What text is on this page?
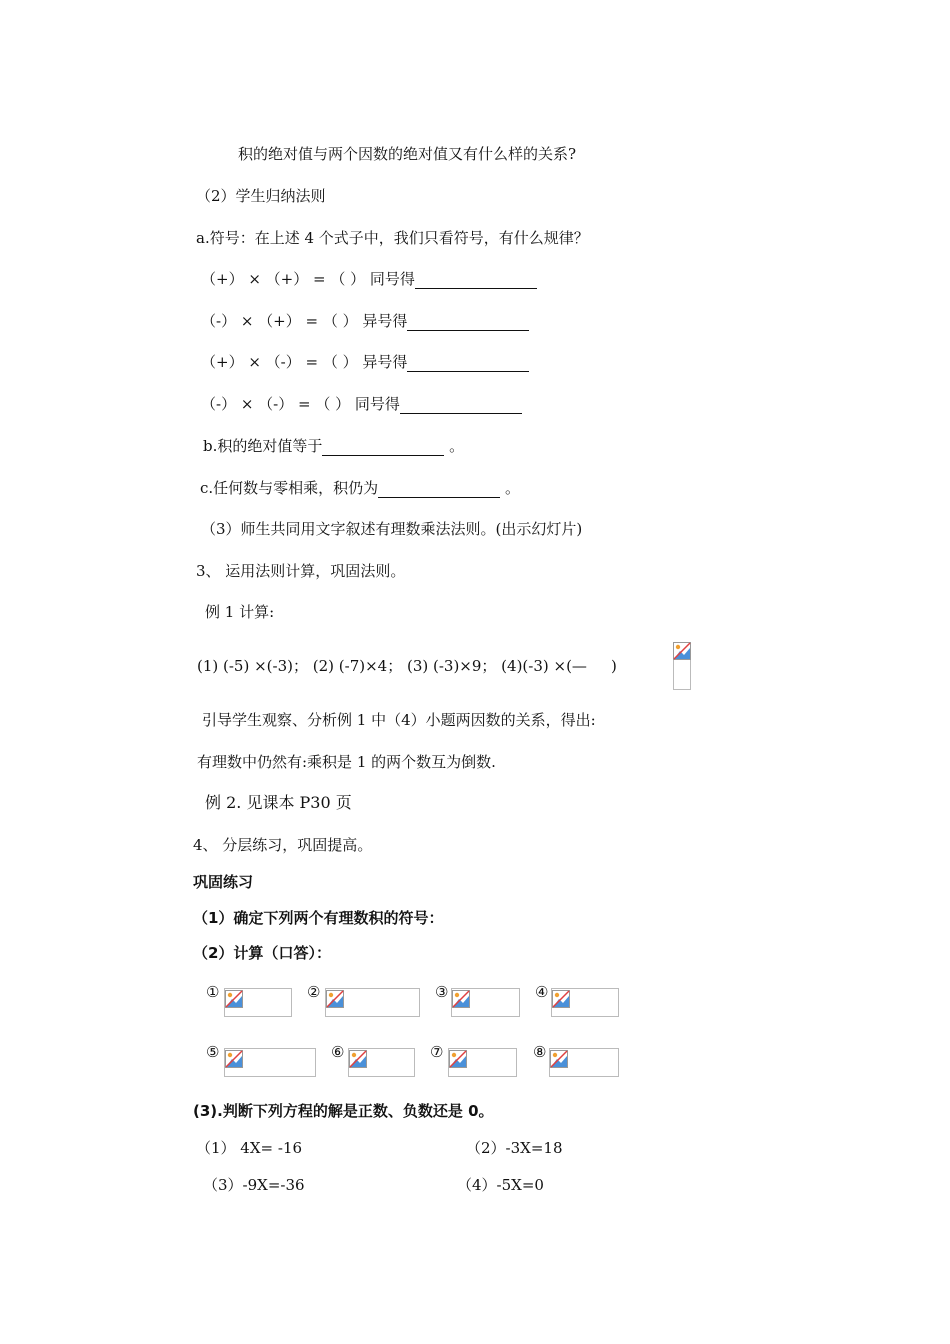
积的绝对值与两个因数的绝对值又有什么样的关系?
（2）学生归纳法则
a.符号：在上述 4 个式子中，我们只看符号，有什么规律？
（+） × （+） = （ ） 同号得
（-） × （+） = （ ） 异号得
（+） × （-） = （ ） 异号得
（-） × （-） = （ ） 同号得
b.积的绝对值等于	。
c.任何数与零相乘，积仍为	。
（3）师生共同用文字叙述有理数乘法法则。(出示幻灯片)
3、 运用法则计算，巩固法则。
例 1 计算:
(1) (-5) ×(-3)； (2) (-7)×4； (3) (-3)×9； (4)(-3) ×(— )
引导学生观察、分析例 1 中（4）小题两因数的关系，得出:
有理数中仍然有:乘积是 1 的两个数互为倒数.
例 2. 见课本 P30 页
4、 分层练习，巩固提高。
巩固练习
（1）确定下列两个有理数积的符号：
（2）计算（口答）：
①	②	③	④
⑤	⑥	⑦	⑧
(3).判断下列方程的解是正数、负数还是 0。
（1） 4X= -16	（2）-3X=18
（3）-9X=-36	（4）-5X=0
